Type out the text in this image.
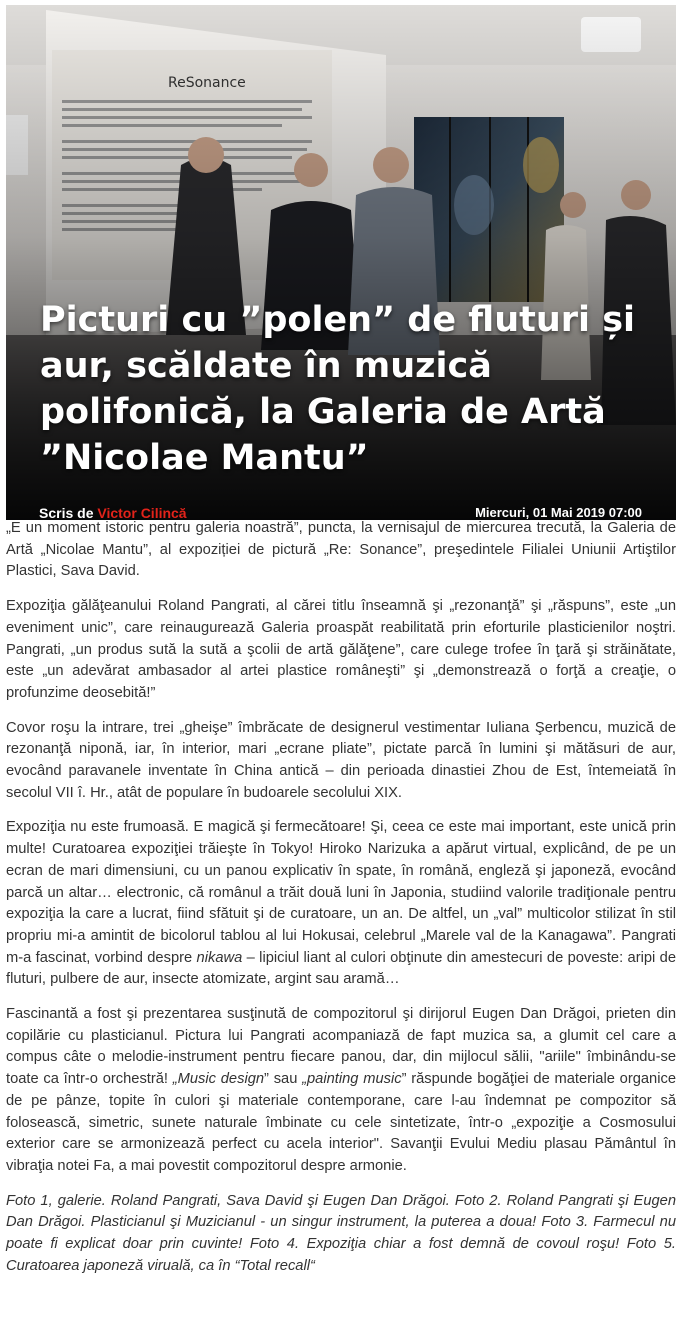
Picturi cu ”polen” de fluturi și aur, scăldate în muzică polifonică, la Galeria de Artă ”Nicolae Mantu”
Scris de Victor Cilincă	Miercuri, 01 Mai 2019 07:00

„E un moment istoric pentru galeria noastră”, puncta, la vernisajul de miercurea trecută, la Galeria de Artă „Nicolae Mantu”, al expoziției de pictură „Re: Sonance”, preşedintele Filialei Uniunii Artiştilor Plastici, Sava David.

Expoziţia gălăţeanului Roland Pangrati, al cărei titlu înseamnă şi „rezonanţă” şi „răspuns”, este „un eveniment unic”, care reinaugurează Galeria proaspăt reabilitată prin eforturile plasticienilor noştri. Pangrati, „un produs sută la sută a şcolii de artă gălăţene”, care culege trofee în ţară şi străinătate, este „un adevărat ambasador al artei plastice româneşti” şi „demonstrează o forţă a creaţie, o profunzime deosebită!”

Covor roşu la intrare, trei „gheişe” îmbrăcate de designerul vestimentar Iuliana Şerbencu, muzică de rezonanţă niponă, iar, în interior, mari „ecrane pliate”, pictate parcă în lumini şi mătăsuri de aur, evocând paravanele inventate în China antică – din perioada dinastiei Zhou de Est, întemeiată în secolul VII î. Hr., atât de populare în budoarele secolului XIX.

Expoziţia nu este frumoasă. E magică şi fermecătoare! Şi, ceea ce este mai important, este unică prin multe! Curatoarea expoziţiei trăieşte în Tokyo! Hiroko Narizuka a apărut virtual, explicând, de pe un ecran de mari dimensiuni, cu un panou explicativ în spate, în română, engleză şi japoneză, evocând parcă un altar… electronic, că românul a trăit două luni în Japonia, studiind valorile tradiţionale pentru expoziţia la care a lucrat, fiind sfătuit şi de curatoare, un an. De altfel, un „val” multicolor stilizat în stil propriu mi-a amintit de bicolorul tablou al lui Hokusai, celebrul „Marele val de la Kanagawa”. Pangrati m-a fascinat, vorbind despre nikawa – lipiciul liant al culori obţinute din amestecuri de poveste: aripi de fluturi, pulbere de aur, insecte atomizate, argint sau aramă…

Fascinantă a fost şi prezentarea susţinută de compozitorul şi dirijorul Eugen Dan Drăgoi, prieten din copilărie cu plasticianul. Pictura lui Pangrati acompaniază de fapt muzica sa, a glumit cel care a compus câte o melodie-instrument pentru fiecare panou, dar, din mijlocul sălii, "ariile" îmbinându-se toate ca într-o orchestră! „Music design” sau „painting music” răspunde bogăţiei de materiale organice de pe pânze, topite în culori şi materiale contemporane, care l-au îndemnat pe compozitor să folosească, simetric, sunete naturale îmbinate cu cele sintetizate, într-o „expoziţie a Cosmosului exterior care se armonizează perfect cu acela interior". Savanţii Evului Mediu plasau Pământul în vibraţia notei Fa, a mai povestit compozitorul despre armonie.

Foto 1, galerie. Roland Pangrati, Sava David şi Eugen Dan Drăgoi. Foto 2. Roland Pangrati şi Eugen Dan Drăgoi. Plasticianul şi Muzicianul - un singur instrument, la puterea a doua! Foto 3. Farmecul nu poate fi explicat doar prin cuvinte! Foto 4. Expoziţia chiar a fost demnă de covoul roşu! Foto 5. Curatoarea japoneză viruală, ca în “Total recall“
